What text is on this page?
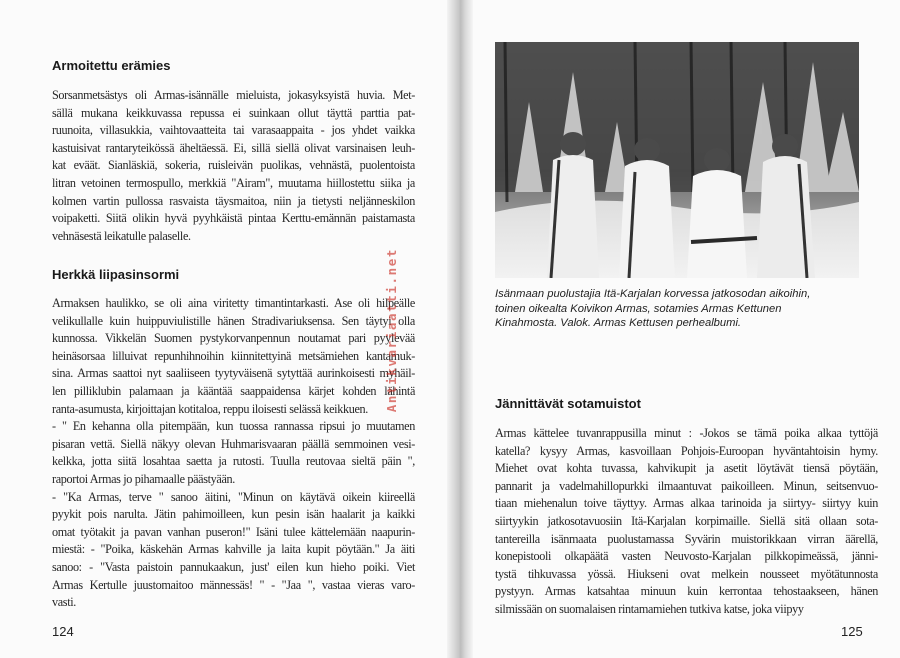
Armoitettu erämies
Sorsanmetsästys oli Armas-isännälle mieluista, jokasyksyistä huvia. Met-
sällä mukana keikkuvassa repussa ei suinkaan ollut täyttä parttia pat-
ruunoita, villasukkia, vaihtovaatteita tai varasaappaita - jos yhdet vaikka
kastuisivat rantaryteikössä äheltäessä. Ei, sillä siellä olivat varsinaisen leuh-
kat eväät. Sianläskiä, sokeria, ruisleivän puolikas, vehnästä, puolentoista
litran vetoinen termospullo, merkkiä "Airam", muutama hiillostettu siika ja
kolmen vartin pullossa rasvaista täysmaitoa, niin ja tietysti neljänneskilon
voipaketti. Siitä olikin hyvä pyyhkäistä pintaa Kerttu-emännän paistamasta
vehnäsestä leikatulle palaselle.
Herkkä liipasinsormi
Armaksen haulikko, se oli aina viritetty timantintarkasti. Ase oli hilpeälle
velikullalle kuin huippuviulistille hänen Stradivariuksensa. Sen täytyi olla
kunnossa. Vikkelän Suomen pystykorvanpennun noutamat pari pyylevää
heinäsorsaa lilluivat repunhihnoihin kiinnitettyinä metsämiehen kantamuk-
sina. Armas saattoi nyt saaliiseen tyytyväisenä sytyttää aurinkoisesti myhäil-
len pilliklubin palamaan ja kääntää saappaidensa kärjet kohden lähintä
ranta-asumusta, kirjoittajan kotitaloa, reppu iloisesti selässä keikkuen.
- " En kehanna olla pitempään, kun tuossa rannassa ripsui jo muutamen
pisaran vettä. Siellä näkyy olevan Huhmarisvaaran päällä semmoinen vesi-
kelkka, jotta siitä losahtaa saetta ja rutosti. Tuulla reutovaa sieltä päin ",
raportoi Armas jo pihamaalle päästyään.
- "Ka Armas, terve " sanoo äitini, "Minun on käytävä oikein kiireellä
pyykit pois narulta. Jätin pahimoilleen, kun pesin isän haalarit ja kaikki
omat työtakit ja pavan vanhan puseron!" Isäni tulee kättelemään naapurin-
miestä: - "Poika, käskehän Armas kahville ja laita kupit pöytään." Ja äiti
sanoo: - "Vasta paistoin pannukaakun, just' eilen kun hieho poiki. Viet
Armas Kertulle juustomaitoo männessäs! " - "Jaa ", vastaa vieras varo-
vasti.
Antikvariaatti.net
124
Isänmaan puolustajia Itä-Karjalan korvessa jatkosodan aikoihin,
toinen oikealta Koivikon Armas, sotamies Armas Kettunen
Kinahmosta. Valok. Armas Kettusen perhealbumi.
Jännittävät sotamuistot
Armas kättelee tuvanrappusilla minut : -Jokos se tämä poika alkaa tyttöjä
katella? kysyy Armas, kasvoillaan Pohjois-Euroopan hyväntahtoisin hymy.
Miehet ovat kohta tuvassa, kahvikupit ja asetit löytävät tiensä pöytään,
pannarit ja vadelmahillopurkki ilmaantuvat paikoilleen. Minun, seitsenvuo-
tiaan miehenalun toive täyttyy. Armas alkaa tarinoida ja siirtyy- siirtyy kuin
siirtyykin jatkosotavuosiin Itä-Karjalan korpimaille. Siellä sitä ollaan sota-
tantereilla isänmaata puolustamassa Syvärin muistorikkaan virran äärellä,
konepistooli olkapäätä vasten Neuvosto-Karjalan pilkkopimeässä, jänni-
tystä tihkuvassa yössä. Hiukseni ovat melkein nousseet myötätunnosta
pystyyn. Armas katsahtaa minuun kuin kerrontaa tehostaakseen, hänen
silmissään on suomalaisen rintamamiehen tutkiva katse, joka viipyy
125
